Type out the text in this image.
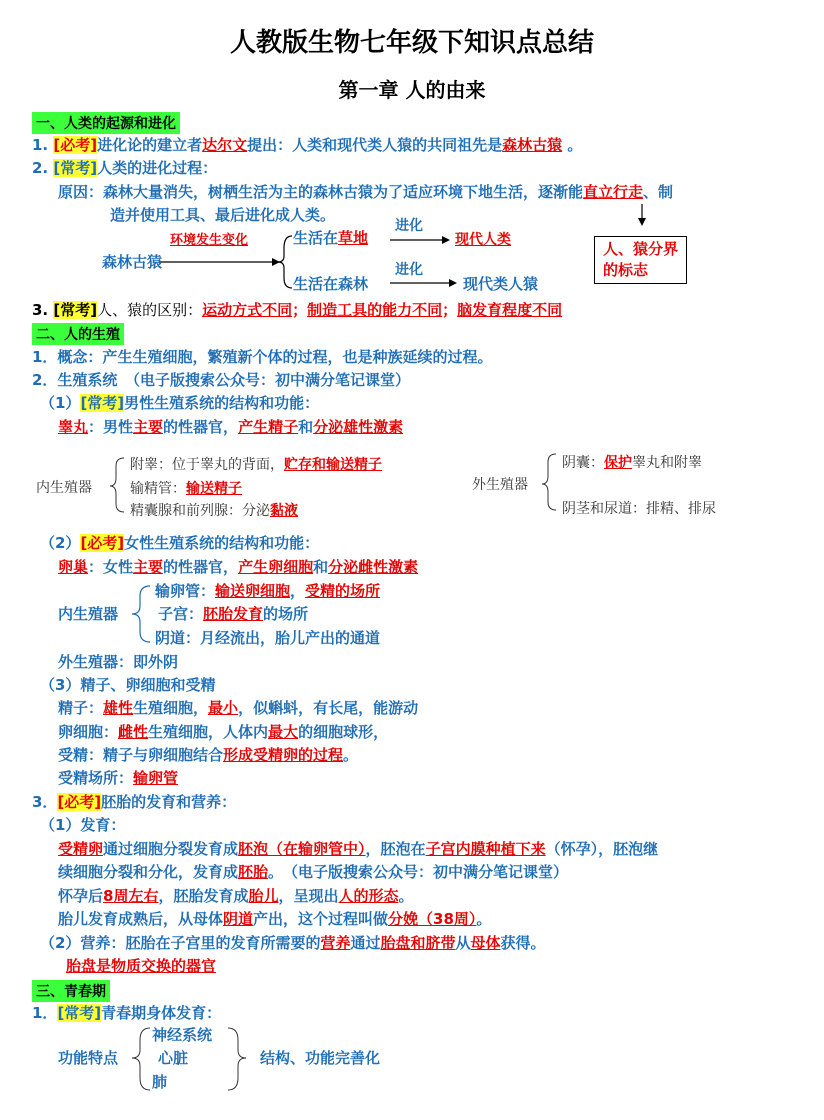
人教版生物七年级下知识点总结
第一章 人的由来
一、人类的起源和进化
1. [必考]进化论的建立者达尔文提出：人类和现代类人猿的共同祖先是森林古猿 。
2. [常考]人类的进化过程：
原因：森林大量消失，树栖生活为主的森林古猿为了适应环境下地生活，逐渐能直立行走、制
造并使用工具、最后进化成人类。
环境发生变化
森林古猿
生活在草地
进化
现代人类
生活在森林
进化
现代类人猿
人、猿分界
的标志
3. [常考]人、猿的区别：运动方式不同；制造工具的能力不同；脑发育程度不同
二、人的生殖
1．概念：产生生殖细胞，繁殖新个体的过程，也是种族延续的过程。
2．生殖系统　（电子版搜索公众号：初中满分笔记课堂）
（1）[常考]男性生殖系统的结构和功能：
睾丸：男性主要的性器官，产生精子和分泌雄性激素
内生殖器
附睾：位于睾丸的背面，贮存和输送精子
输精管：输送精子
精囊腺和前列腺：分泌黏液
外生殖器
阴囊：保护睾丸和附睾
阴茎和尿道：排精、排尿
（2）[必考]女性生殖系统的结构和功能：
卵巢：女性主要的性器官，产生卵细胞和分泌雌性激素
内生殖器
输卵管：输送卵细胞，受精的场所
子宫：胚胎发育的场所
阴道：月经流出，胎儿产出的通道
外生殖器：即外阴
（3）精子、卵细胞和受精
精子：雄性生殖细胞，最小，似蝌蚪，有长尾，能游动
卵细胞：雌性生殖细胞，人体内最大的细胞球形，
受精：精子与卵细胞结合形成受精卵的过程。
受精场所：输卵管
3．[必考]胚胎的发育和营养：
（1）发育：
受精卵通过细胞分裂发育成胚泡（在输卵管中），胚泡在子宫内膜种植下来（怀孕），胚泡继
续细胞分裂和分化，发育成胚胎。　（电子版搜索公众号：初中满分笔记课堂）
怀孕后8周左右，胚胎发育成胎儿，呈现出人的形态。
胎儿发育成熟后，从母体阴道产出，这个过程叫做分娩（38周）。
（2）营养：胚胎在子宫里的发育所需要的营养通过胎盘和脐带从母体获得。
胎盘是物质交换的器官
三、青春期
1．[常考]青春期身体发育：
功能特点
神经系统
心脏
肺
结构、功能完善化
